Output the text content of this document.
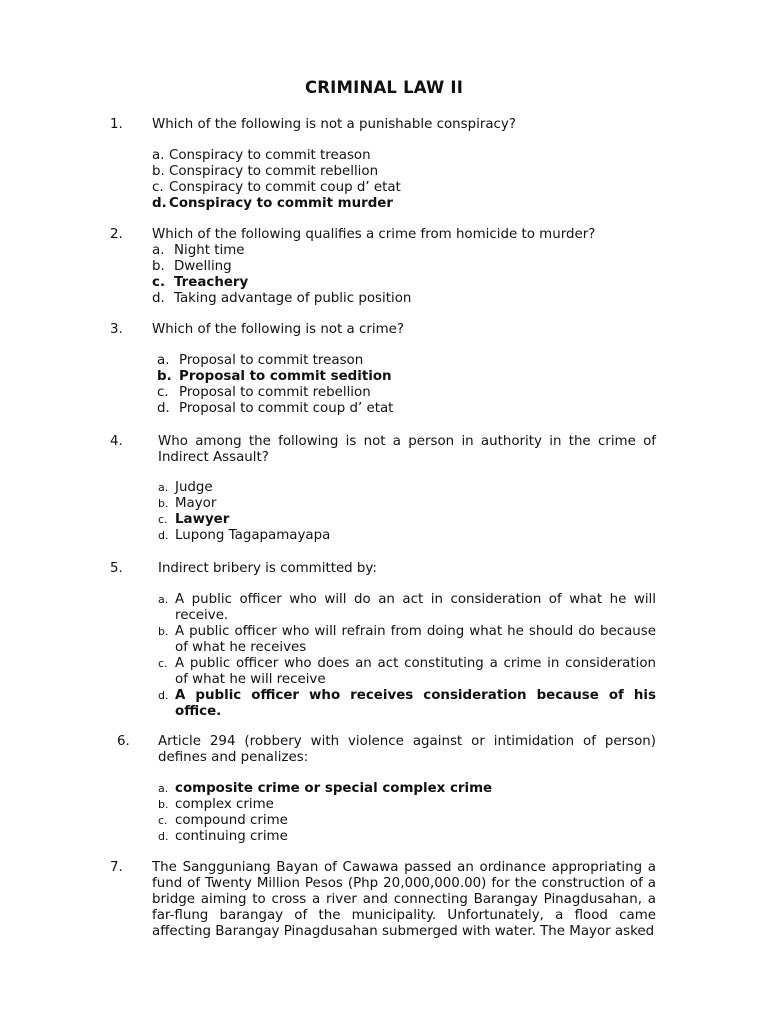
CRIMINAL LAW II
1. Which of the following is not a punishable conspiracy?
a. Conspiracy to commit treason
b. Conspiracy to commit rebellion
c. Conspiracy to commit coup d’ etat
d. Conspiracy to commit murder
2. Which of the following qualifies a crime from homicide to murder?
a. Night time
b. Dwelling
c. Treachery
d. Taking advantage of public position
3. Which of the following is not a crime?
a. Proposal to commit treason
b. Proposal to commit sedition
c. Proposal to commit rebellion
d. Proposal to commit coup d’ etat
4.	Who among the following is not a person in authority in the crime of Indirect Assault?
a. Judge
b. Mayor
c. Lawyer
d. Lupong Tagapamayapa
5.	Indirect bribery is committed by:
a. A public officer who will do an act in consideration of what he will receive.
b. A public officer who will refrain from doing what he should do because of what he receives
c. A public officer who does an act constituting a crime in consideration of what he will receive
d. A public officer who receives consideration because of his office.
6. Article 294 (robbery with violence against or intimidation of person) defines and penalizes:
a. composite crime or special complex crime
b. complex crime
c. compound crime
d. continuing crime
7. The Sangguniang Bayan of Cawawa passed an ordinance appropriating a fund of Twenty Million Pesos (Php 20,000,000.00) for the construction of a bridge aiming to cross a river and connecting Barangay Pinagdusahan, a far-flung barangay of the municipality. Unfortunately, a flood came affecting Barangay Pinagdusahan submerged with water. The Mayor asked
